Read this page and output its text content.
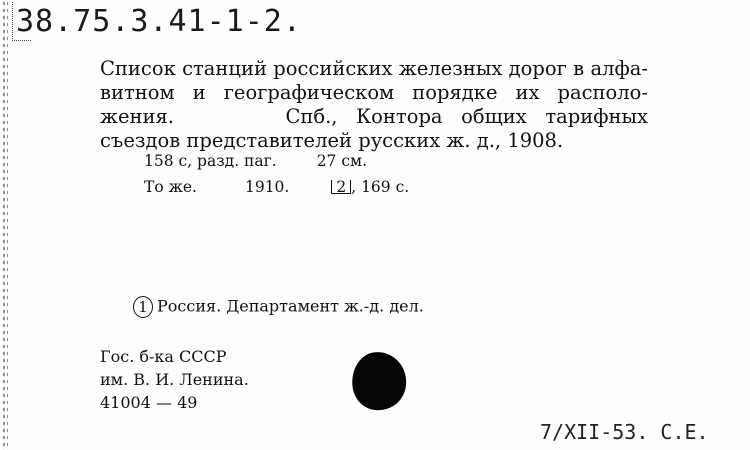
38.75.3.41-1-2.

Список станций российских железных дорог в алфа-

витном и географическом порядке их располо-

жения.      Спб., Контора общих тарифных

съездов представителей русских ж. д., 1908.

158 с, разд. паг.	27 см.
То же.	1910.	2 , 169 с.
1 Россия. Департамент ж.-д. дел.
Гос. б-ка СССР
им. В. И. Ленина.
41004 — 49
7/XII-53. С.Е.
